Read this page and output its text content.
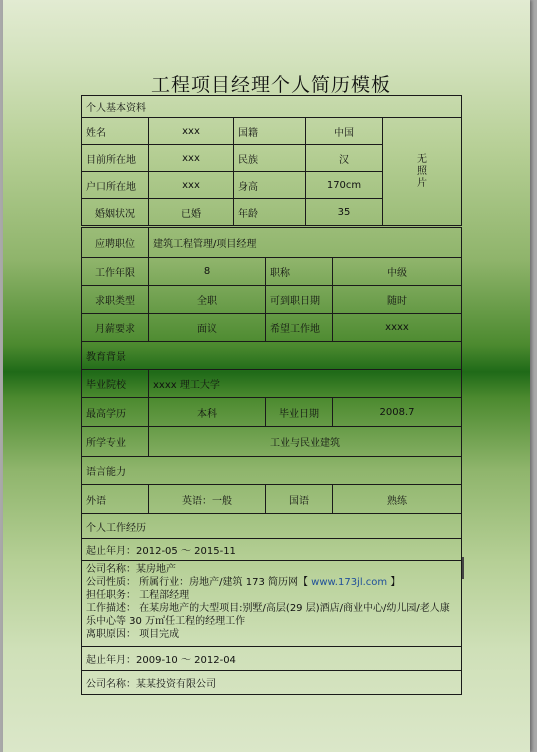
工程项目经理个人简历模板
个人基本资料				
姓名	xxx	国籍	中国	无
照
片
目前所在地	xxx	民族	汉	
户口所在地	xxx	身高	170cm	
婚姻状况	已婚	年龄	35	
应聘职位	建筑工程管理/项目经理		
工作年限	8	职称	中级
求职类型	全职	可到职日期	随时
月薪要求	面议	希望工作地	xxxx
教育背景			
毕业院校	xxxx 理工大学		
最高学历	本科	毕业日期	2008.7
所学专业	工业与民业建筑		
语言能力			
外语	英语：一般	国语	熟练
个人工作经历			
起止年月：2012-05 ～ 2015-11			

公司名称：某房地产
公司性质： 所属行业：房地产/建筑 173 简历网【 www.173jl.com 】
担任职务： 工程部经理
工作描述： 在某房地产的大型项目:别墅/高层(29 层)酒店/商业中心/幼儿园/老人康乐中心等 30 万㎡任工程的经理工作
离职原因： 项目完成			

起止年月：2009-10 ～ 2012-04			
公司名称：某某投资有限公司			
